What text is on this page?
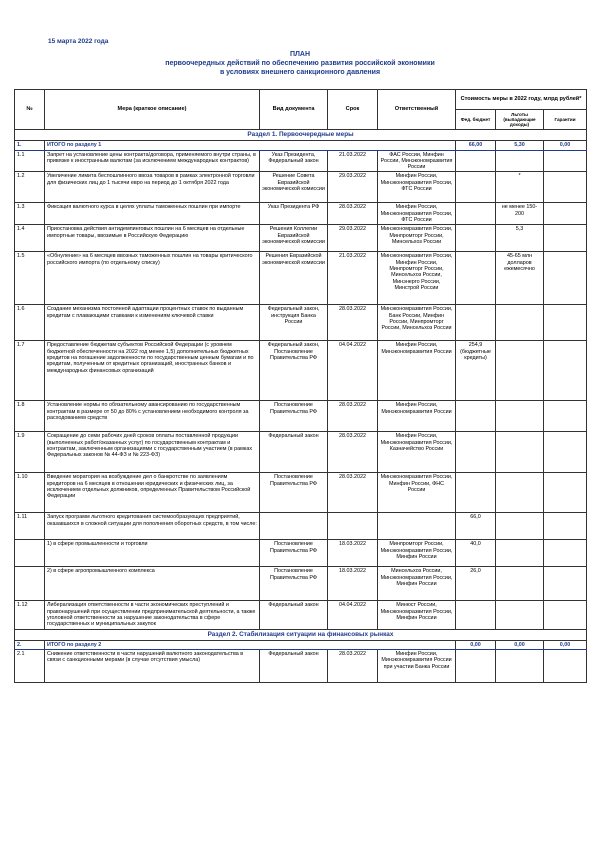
15 марта 2022 года
ПЛАН
первоочередных действий по обеспечению развития российской экономики
в условиях внешнего санкционного давления
№	Мера (краткое описание)	Вид документа	Срок	Ответственный	Стоимость меры в 2022 году, млрд рублей*		
					Фед. бюджет	Льготы (выпадающие доходы)	Гарантии
Раздел 1. Первоочередные меры							
1.	ИТОГО по разделу 1				66,00	5,30	0,00
1.1	Запрет на установление цены контракта/договора, применяемого внутри страны, в привязке к иностранным валютам (за исключением международных контрактов)	Указ Президента, Федеральный закон	21.03.2022	ФАС России, Минфин России, Минэкономразвития России			
1.2	Увеличение лимита беспошлинного ввоза товаров в рамках электронной торговли для физических лиц до 1 тысячи евро на период до 1 октября 2022 года	Решение Совета Евразийской экономической комиссии	29.03.2022	Минфин России, Минэкономразвития России, ФТС России		*	
1.3	Фиксация валютного курса в целях уплаты таможенных пошлин при импорте	Указ Президента РФ	28.03.2022	Минфин России, Минэкономразвития России, ФТС России		не менее 150-200	
1.4	Приостановка действия антидемпинговых пошлин на 6 месяцев на отдельные импортные товары, ввозимые в Российскую Федерацию	Решения Коллегии Евразийской экономической комиссии	29.03.2022	Минэкономразвития России, Минпромторг России, Минсельхоз России		5,3	
1.5	«Обнуление» на 6 месяцев ввозных таможенных пошлин на товары критического российского импорта (по отдельному списку)	Решения Евразийской экономической комиссии	21.03.2022	Минэкономразвития России, Минфин России, Минпромторг России, Минсельхоз России, Минэнерго России, Минстрой России		45-65 млн долларов ежемесячно	
1.6	Создание механизма постоянной адаптации процентных ставок по выданным кредитам с плавающими ставками к изменениям ключевой ставки	Федеральный закон, инструкция Банка России	28.03.2022	Минэкономразвития России, Банк России, Минфин России, Минпромторг России, Минсельхоз России			
1.7	Предоставление бюджетам субъектов Российской Федерации (с уровнем бюджетной обеспеченности на 2022 год менее 1,5) дополнительных бюджетных кредитов на погашение задолженности по государственным ценным бумагам и по кредитам, полученным от кредитных организаций, иностранных банков и международных финансовых организаций	Федеральный закон, Постановление Правительства РФ	04.04.2022	Минфин России, Минэкономразвития России	254,9 (бюджетные кредиты)		
1.8	Установление нормы по обязательному авансированию по государственным контрактам в размере от 50 до 80% с установлением необходимого контроля за расходованием средств	Постановление Правительства РФ	28.03.2022	Минфин России, Минэкономразвития России			
1.9	Сокращение до семи рабочих дней сроков оплаты поставленной продукции (выполненных работ/оказанных услуг) по государственным контрактам и контрактам, заключенным организациями с государственным участием (в рамках Федеральных законов № 44-ФЗ и № 223-ФЗ)	Федеральный закон	28.03.2022	Минфин России, Минэкономразвития России, Казначейство России			
1.10	Введение моратория на возбуждение дел о банкротстве по заявлениям кредиторов на 6 месяцев в отношении юридических и физических лиц, за исключением отдельных должников, определенных Правительством Российской Федерации	Постановление Правительства РФ	28.03.2022	Минэкономразвития России, Минфин России, ФНС России			
1.11	Запуск программ льготного кредитования системообразующих предприятий, оказавшихся в сложной ситуации для пополнения оборотных средств, в том числе:				66,0		
	1) в сфере промышленности и торговли	Постановление Правительства РФ	18.03.2022	Минпромторг России, Минэкономразвития России, Минфин России	40,0		
	2) в сфере агропромышленного комплекса	Постановление Правительства РФ	18.03.2022	Минсельхоз России, Минэкономразвития России, Минфин России	26,0		
1.12	Либерализация ответственности в части экономических преступлений и правонарушений при осуществлении предпринимательской деятельности, а также уголовной ответственности за нарушение законодательства в сфере государственных и муниципальных закупок	Федеральный закон	04.04.2022	Минюст России, Минэкономразвития России, Минфин России			
Раздел 2. Стабилизация ситуации на финансовых рынках							
2.	ИТОГО по разделу 2				0,00	0,00	0,00
2.1	Снижение ответственности в части нарушений валютного законодательства в связи с санкционными мерами (в случае отсутствия умысла)	Федеральный закон	28.03.2022	Минфин России, Минэкономразвития России при участии Банка России			
